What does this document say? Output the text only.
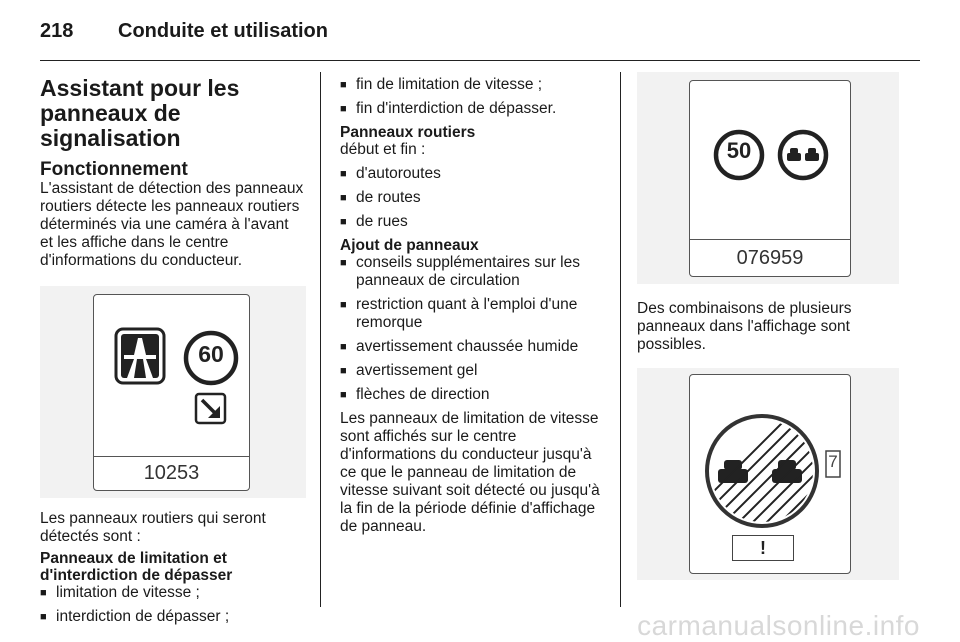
218 Conduite et utilisation
Assistant pour les panneaux de signalisation
Fonctionnement

L'assistant de détection des panneaux routiers détecte les panneaux routiers déterminés via une caméra à l'avant et les affiche dans le centre d'informations du conducteur.

60
10253

Les panneaux routiers qui seront détectés sont :

Panneaux de limitation et d'interdiction de dépasser
■ limitation de vitesse ;
■ interdiction de dépasser ;
■ fin de limitation de vitesse ;
■ fin d'interdiction de dépasser.
Panneaux routiers

début et fin :

■ d'autoroutes
■ de routes
■ de rues
Ajout de panneaux
■ conseils supplémentaires sur les panneaux de circulation
■ restriction quant à l'emploi d'une remorque
■ avertissement chaussée humide
■ avertissement gel
■ flèches de direction

Les panneaux de limitation de vitesse sont affichés sur le centre d'informations du conducteur jusqu'à ce que le panneau de limitation de vitesse suivant soit détecté ou jusqu'à la fin de la période définie d'affichage de panneau.

50
076959

Des combinaisons de plusieurs panneaux dans l'affichage sont possibles.

7
!
carmanualsonline.info
